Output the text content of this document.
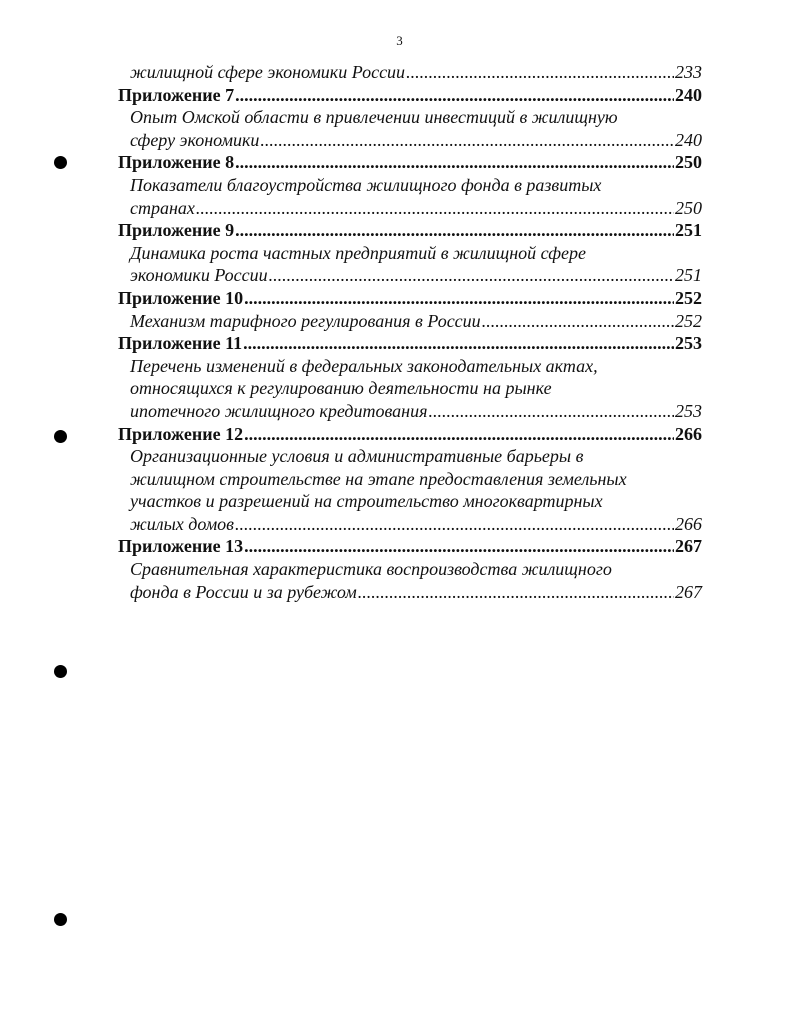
3
жилищной сфере экономики России .....	233
Приложение 7 .....	240
Опыт Омской области в привлечении инвестиций в жилищную
сферу экономики .....	240
Приложение 8 .....	250
Показатели благоустройства жилищного фонда в развитых
странах .....	250
Приложение 9 .....	251
Динамика роста частных предприятий в жилищной сфере
экономики России .....	251
Приложение 10 .....	252
Механизм тарифного регулирования в России .....	252
Приложение 11 .....	253
Перечень изменений в федеральных законодательных актах,
относящихся к регулированию деятельности на рынке
ипотечного жилищного кредитования .....	253
Приложение 12 .....	266
Организационные условия и административные барьеры в
жилищном строительстве на этапе предоставления земельных
участков и разрешений на строительство многоквартирных
жилых домов .....	266
Приложение 13 .....	267
Сравнительная характеристика воспроизводства жилищного
фонда в России и за рубежом .....	267
